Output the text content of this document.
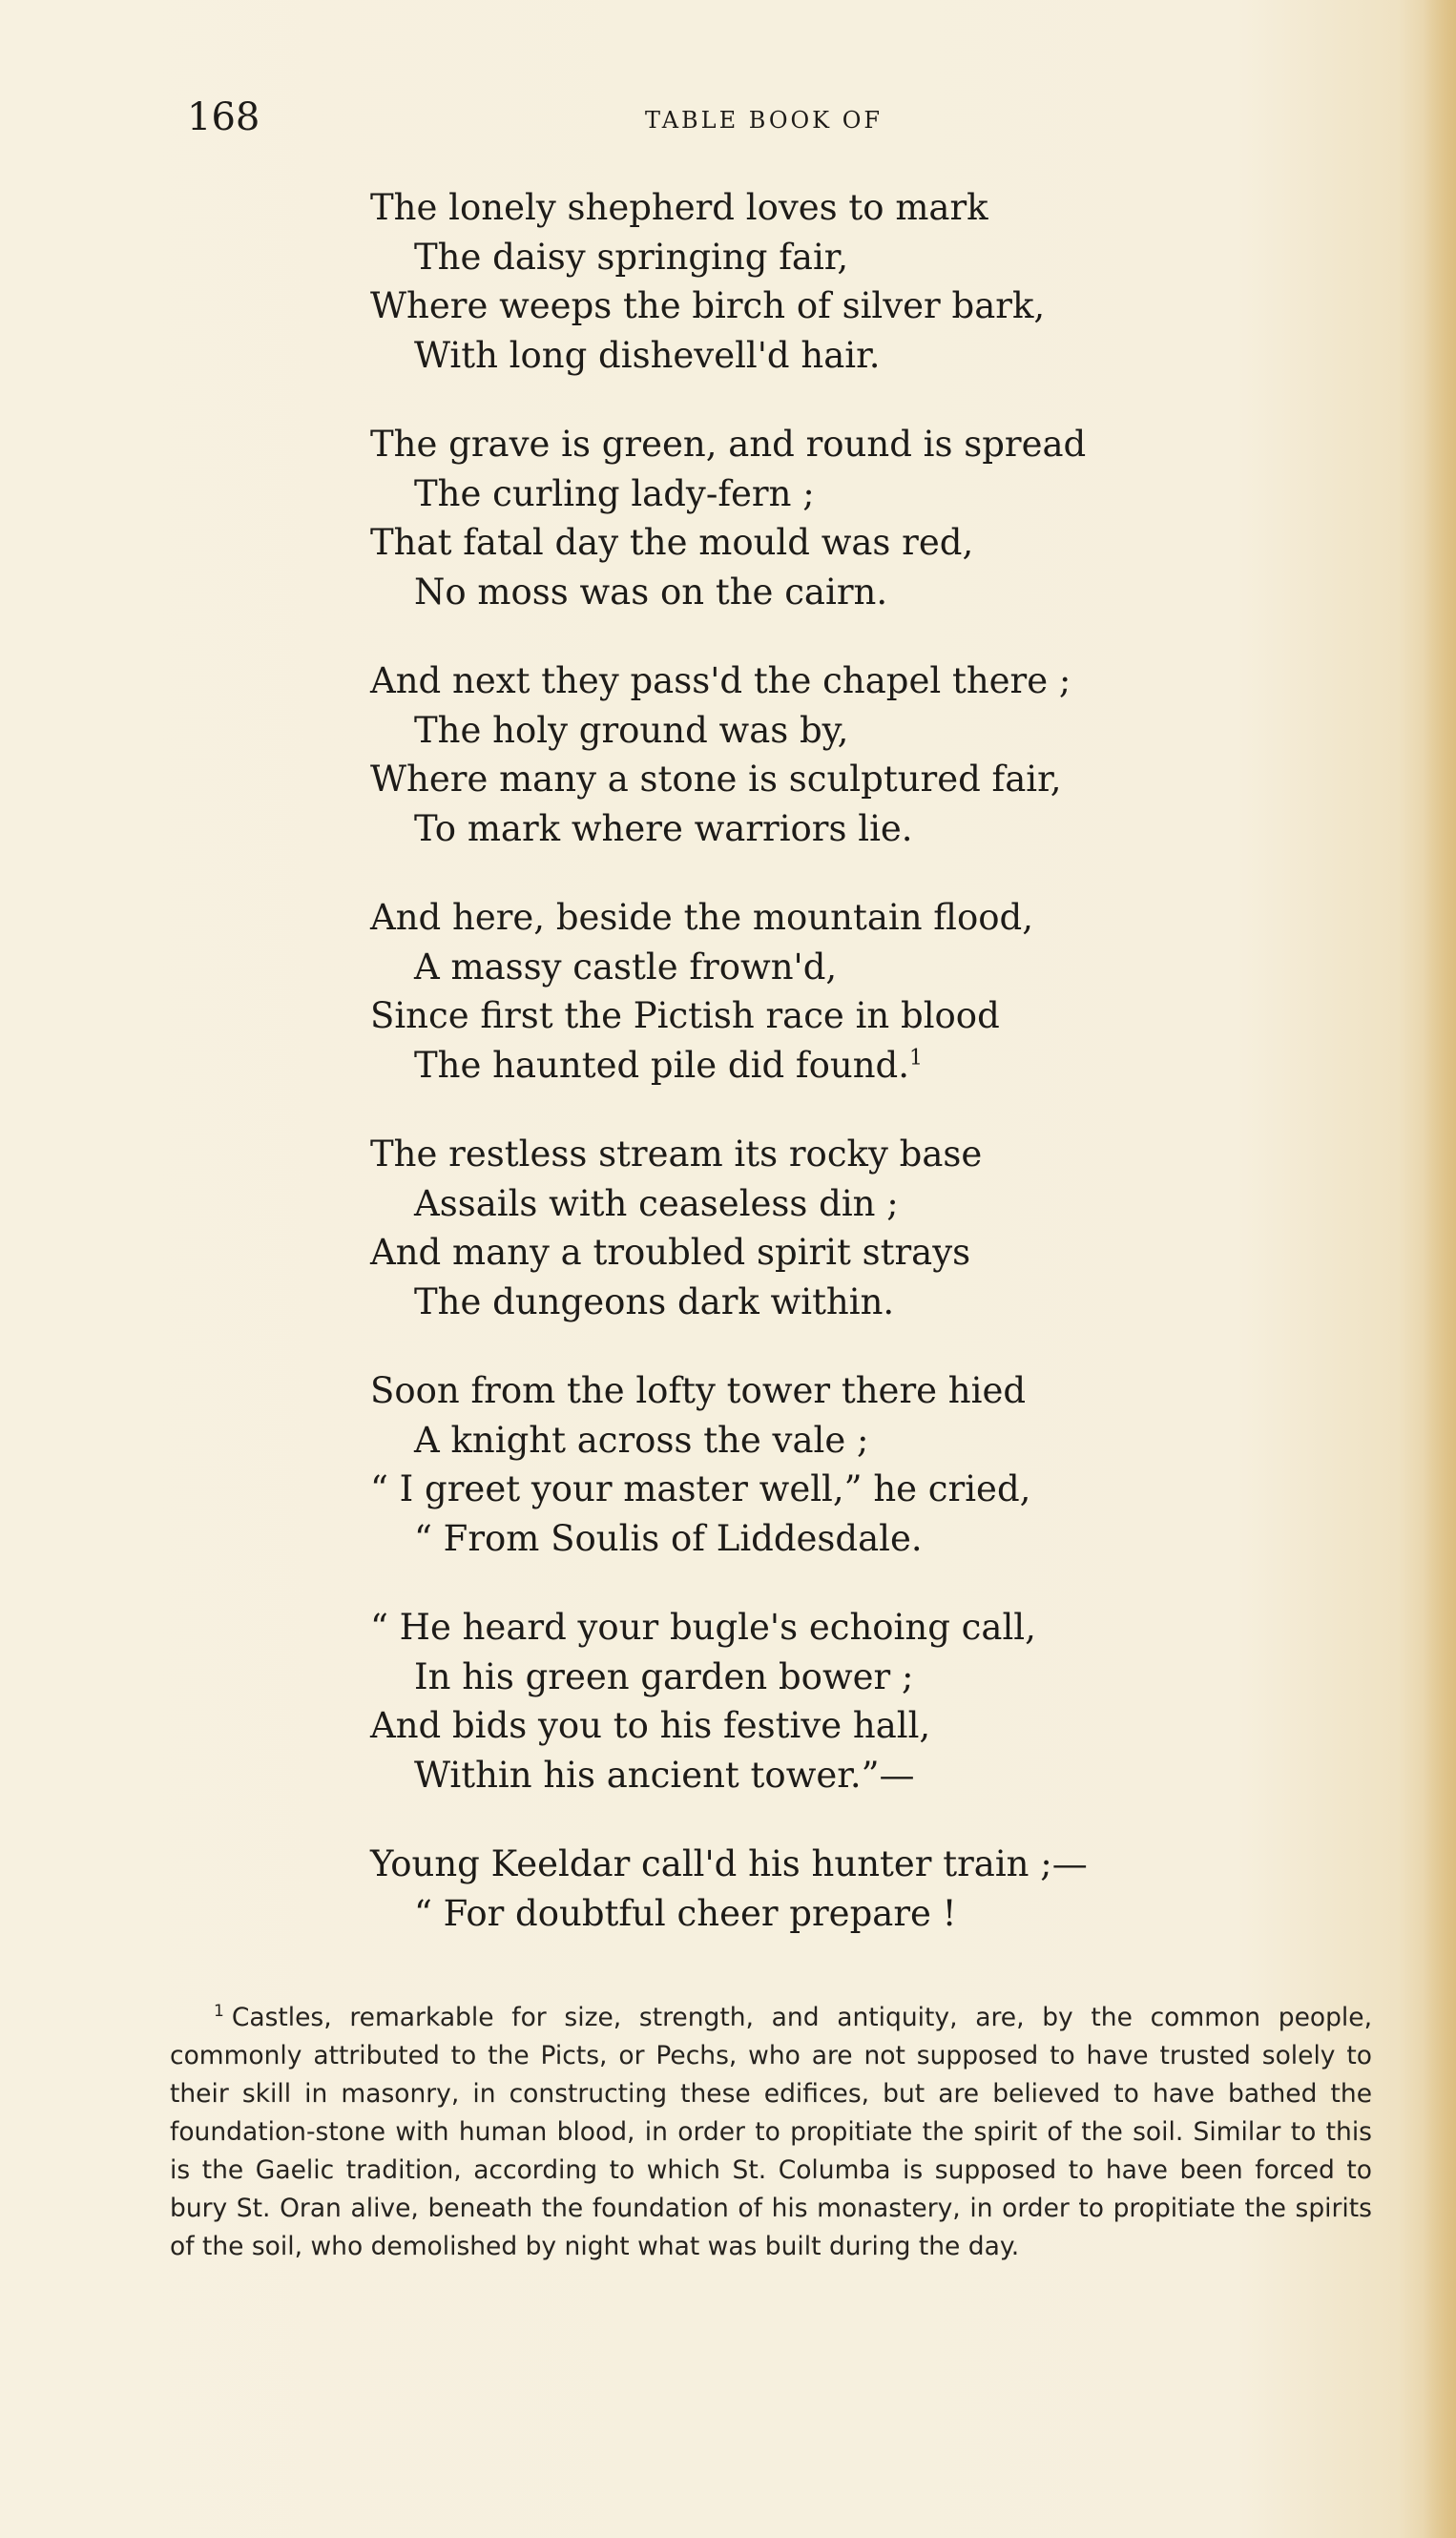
168	TABLE BOOK OF
The lonely shepherd loves to mark
The daisy springing fair,
Where weeps the birch of silver bark,
With long dishevell'd hair.
The grave is green, and round is spread
The curling lady-fern ;
That fatal day the mould was red,
No moss was on the cairn.
And next they pass'd the chapel there ;
The holy ground was by,
Where many a stone is sculptured fair,
To mark where warriors lie.
And here, beside the mountain flood,
A massy castle frown'd,
Since first the Pictish race in blood
The haunted pile did found.$^1$
The restless stream its rocky base
Assails with ceaseless din ;
And many a troubled spirit strays
The dungeons dark within.
Soon from the lofty tower there hied
A knight across the vale ;
“ I greet your master well,” he cried,
“ From Soulis of Liddesdale.
“ He heard your bugle's echoing call,
In his green garden bower ;
And bids you to his festive hall,
Within his ancient tower.”—
Young Keeldar call'd his hunter train ;—
“ For doubtful cheer prepare !

$^1$ Castles, remarkable for size, strength, and antiquity, are, by the common people, commonly attributed to the Picts, or Pechs, who are not supposed to have trusted solely to their skill in masonry, in constructing these edifices, but are believed to have bathed the foundation-stone with human blood, in order to propitiate the spirit of the soil. Similar to this is the Gaelic tradition, according to which St. Columba is supposed to have been forced to bury St. Oran alive, beneath the foundation of his monastery, in order to propitiate the spirits of the soil, who demolished by night what was built during the day.
